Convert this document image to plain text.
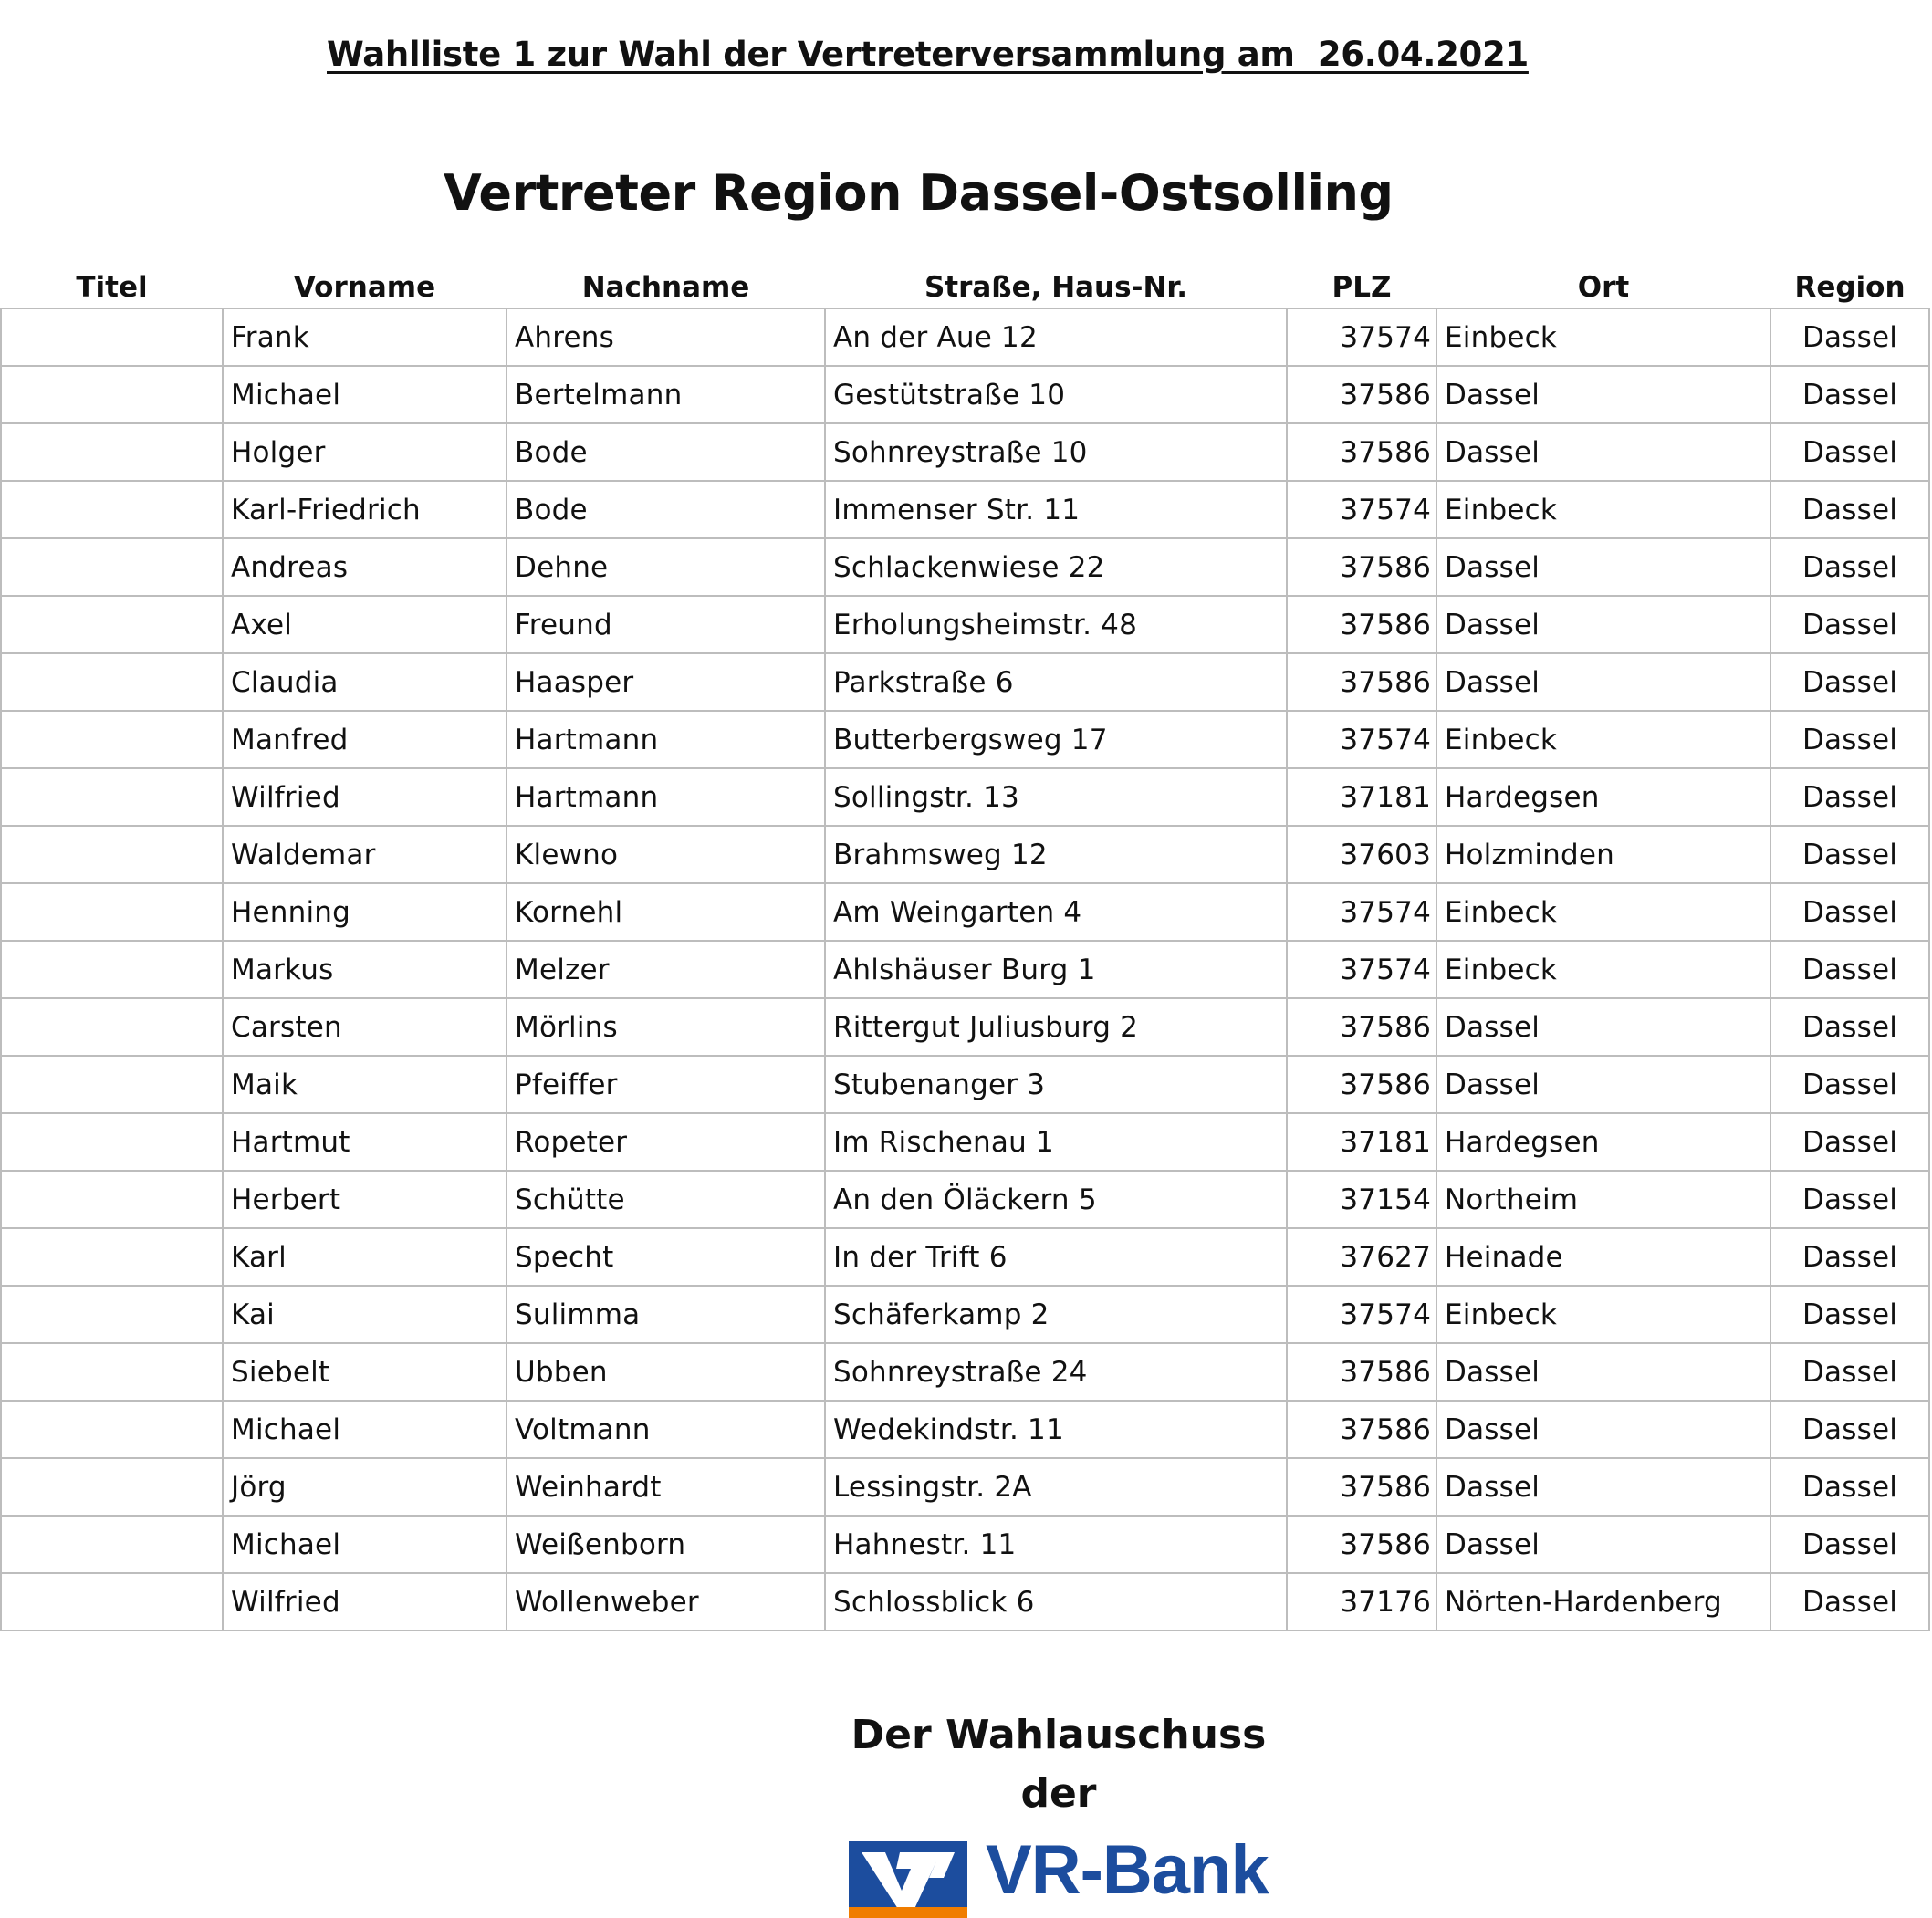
Wahlliste 1 zur Wahl der Vertreterversammlung am  26.04.2021
Vertreter Region Dassel-Ostsolling
Titel	Vorname	Nachname	Straße, Haus-Nr.	PLZ	Ort	Region
	Frank	Ahrens	An der Aue 12	37574	Einbeck	Dassel
	Michael	Bertelmann	Gestütstraße 10	37586	Dassel	Dassel
	Holger	Bode	Sohnreystraße 10	37586	Dassel	Dassel
	Karl-Friedrich	Bode	Immenser Str. 11	37574	Einbeck	Dassel
	Andreas	Dehne	Schlackenwiese 22	37586	Dassel	Dassel
	Axel	Freund	Erholungsheimstr. 48	37586	Dassel	Dassel
	Claudia	Haasper	Parkstraße 6	37586	Dassel	Dassel
	Manfred	Hartmann	Butterbergsweg 17	37574	Einbeck	Dassel
	Wilfried	Hartmann	Sollingstr. 13	37181	Hardegsen	Dassel
	Waldemar	Klewno	Brahmsweg 12	37603	Holzminden	Dassel
	Henning	Kornehl	Am Weingarten 4	37574	Einbeck	Dassel
	Markus	Melzer	Ahlshäuser Burg 1	37574	Einbeck	Dassel
	Carsten	Mörlins	Rittergut Juliusburg 2	37586	Dassel	Dassel
	Maik	Pfeiffer	Stubenanger 3	37586	Dassel	Dassel
	Hartmut	Ropeter	Im Rischenau 1	37181	Hardegsen	Dassel
	Herbert	Schütte	An den Öläckern 5	37154	Northeim	Dassel
	Karl	Specht	In der Trift 6	37627	Heinade	Dassel
	Kai	Sulimma	Schäferkamp 2	37574	Einbeck	Dassel
	Siebelt	Ubben	Sohnreystraße 24	37586	Dassel	Dassel
	Michael	Voltmann	Wedekindstr. 11	37586	Dassel	Dassel
	Jörg	Weinhardt	Lessingstr. 2A	37586	Dassel	Dassel
	Michael	Weißenborn	Hahnestr. 11	37586	Dassel	Dassel
	Wilfried	Wollenweber	Schlossblick 6	37176	Nörten-Hardenberg	Dassel
Der Wahlauschuss
der
VR-Bank
